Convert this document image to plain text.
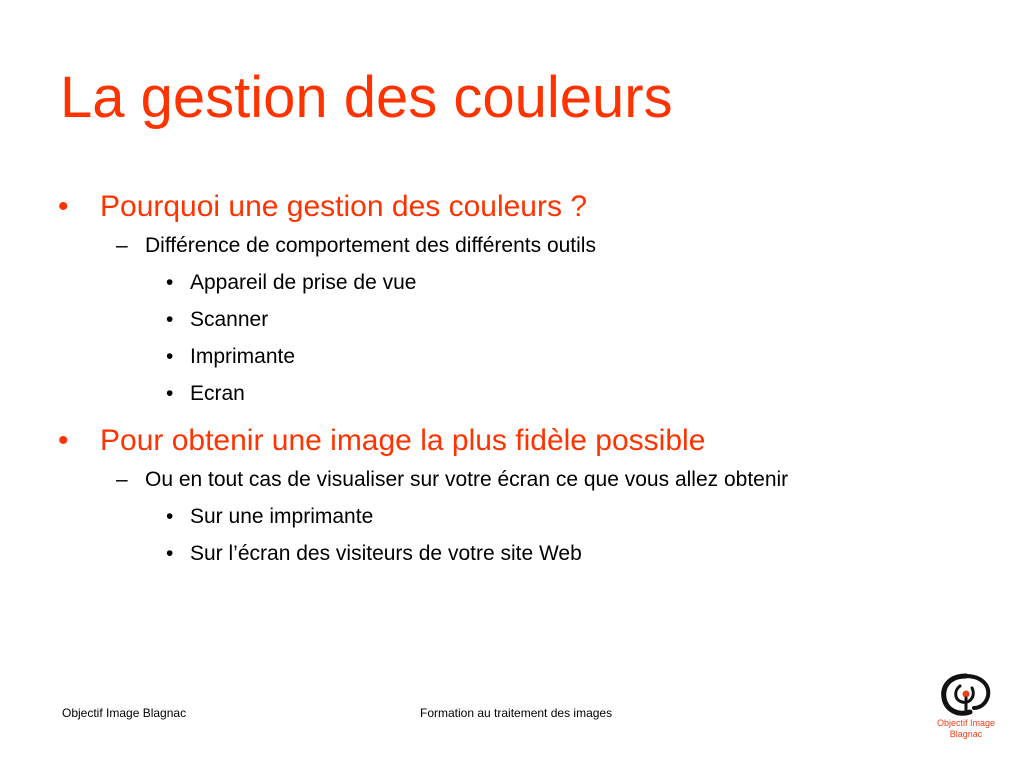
La gestion des couleurs
• Pourquoi une gestion des couleurs ?
– Différence de comportement des différents outils
• Appareil de prise de vue
• Scanner
• Imprimante
• Ecran
• Pour obtenir une image la plus fidèle possible
– Ou en tout cas de visualiser sur votre écran ce que vous allez obtenir
• Sur une imprimante
• Sur l’écran des visiteurs de votre site Web
Objectif Image Blagnac	Formation au traitement des images
Objectif Image
Blagnac
